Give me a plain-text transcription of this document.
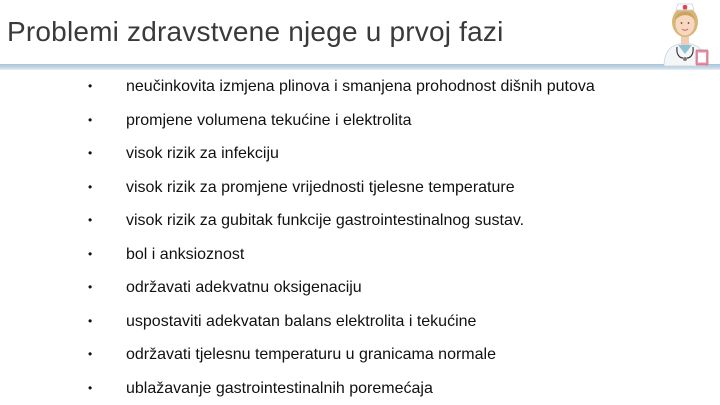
Problemi zdravstvene njege u prvoj fazi
• neučinkovita izmjena plinova i smanjena prohodnost dišnih putova
• promjene volumena tekućine i elektrolita
• visok rizik za infekciju
• visok rizik za promjene vrijednosti tjelesne temperature
• visok rizik za gubitak funkcije gastrointestinalnog sustav.
• bol i anksioznost
• održavati adekvatnu oksigenaciju
• uspostaviti adekvatan balans elektrolita i tekućine
• održavati tjelesnu temperaturu u granicama normale
• ublažavanje gastrointestinalnih poremećaja
